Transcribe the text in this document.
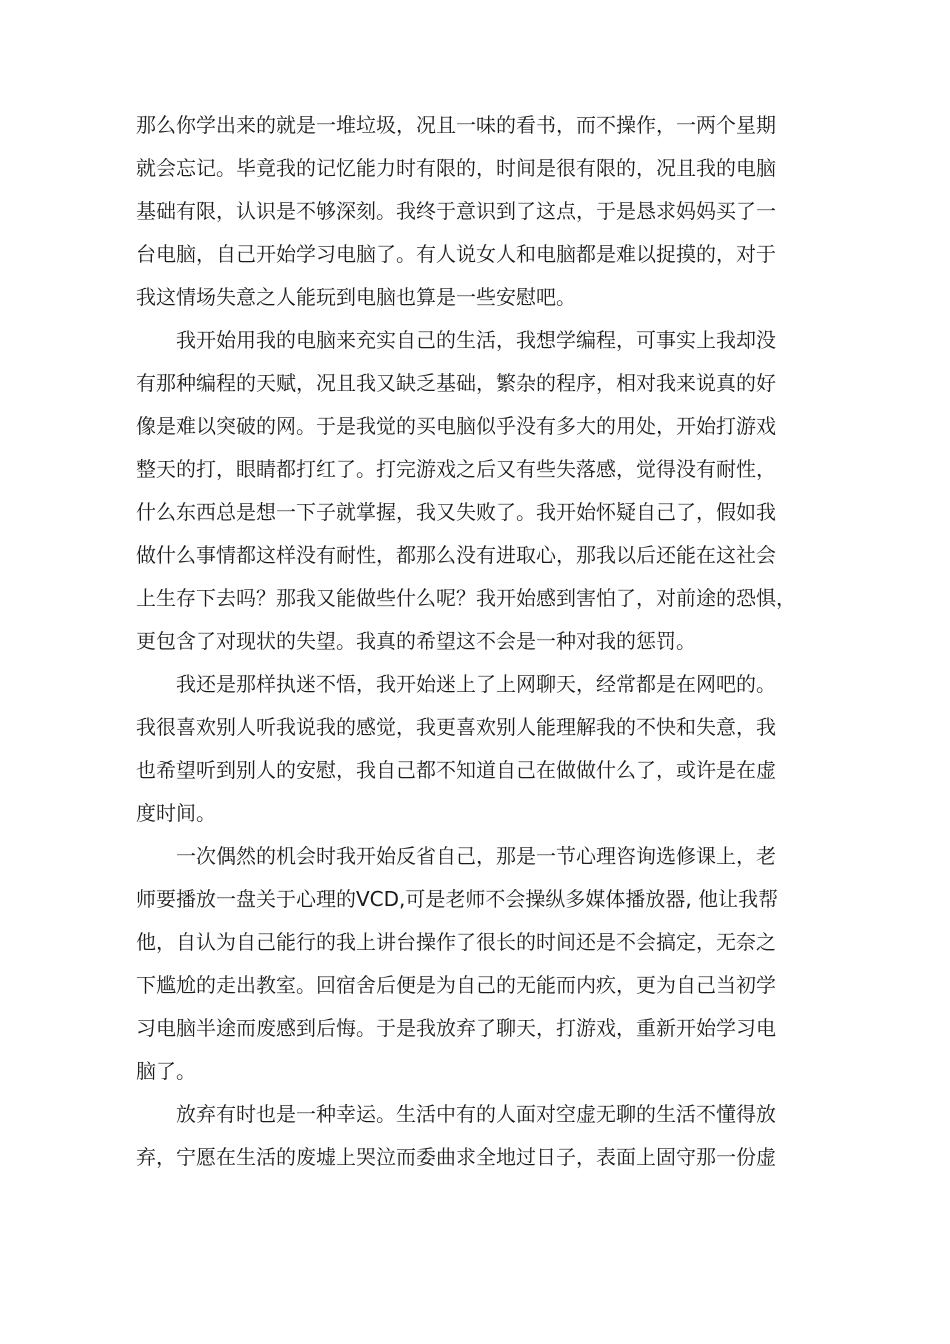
那么你学出来的就是一堆垃圾，况且一味的看书，而不操作，一两个星期
就会忘记。毕竟我的记忆能力时有限的，时间是很有限的，况且我的电脑
基础有限，认识是不够深刻。我终于意识到了这点，于是恳求妈妈买了一
台电脑，自己开始学习电脑了。有人说女人和电脑都是难以捉摸的，对于
我这情场失意之人能玩到电脑也算是一些安慰吧。

我开始用我的电脑来充实自己的生活，我想学编程，可事实上我却没
有那种编程的天赋，况且我又缺乏基础，繁杂的程序，相对我来说真的好
像是难以突破的网。于是我觉的买电脑似乎没有多大的用处，开始打游戏
整天的打，眼睛都打红了。打完游戏之后又有些失落感，觉得没有耐性，
什么东西总是想一下子就掌握，我又失败了。我开始怀疑自己了，假如我
做什么事情都这样没有耐性，都那么没有进取心，那我以后还能在这社会
上生存下去吗？那我又能做些什么呢？我开始感到害怕了，对前途的恐惧，
更包含了对现状的失望。我真的希望这不会是一种对我的惩罚。

我还是那样执迷不悟，我开始迷上了上网聊天，经常都是在网吧的。
我很喜欢别人听我说我的感觉，我更喜欢别人能理解我的不快和失意，我
也希望听到别人的安慰，我自己都不知道自己在做做什么了，或许是在虚
度时间。

一次偶然的机会时我开始反省自己，那是一节心理咨询选修课上，老
师要播放一盘关于心理的VCD,可是老师不会操纵多媒体播放器, 他让我帮
他，自认为自己能行的我上讲台操作了很长的时间还是不会搞定，无奈之
下尴尬的走出教室。回宿舍后便是为自己的无能而内疚，更为自己当初学
习电脑半途而废感到后悔。于是我放弃了聊天，打游戏，重新开始学习电
脑了。

放弃有时也是一种幸运。生活中有的人面对空虚无聊的生活不懂得放
弃，宁愿在生活的废墟上哭泣而委曲求全地过日子，表面上固守那一份虚
